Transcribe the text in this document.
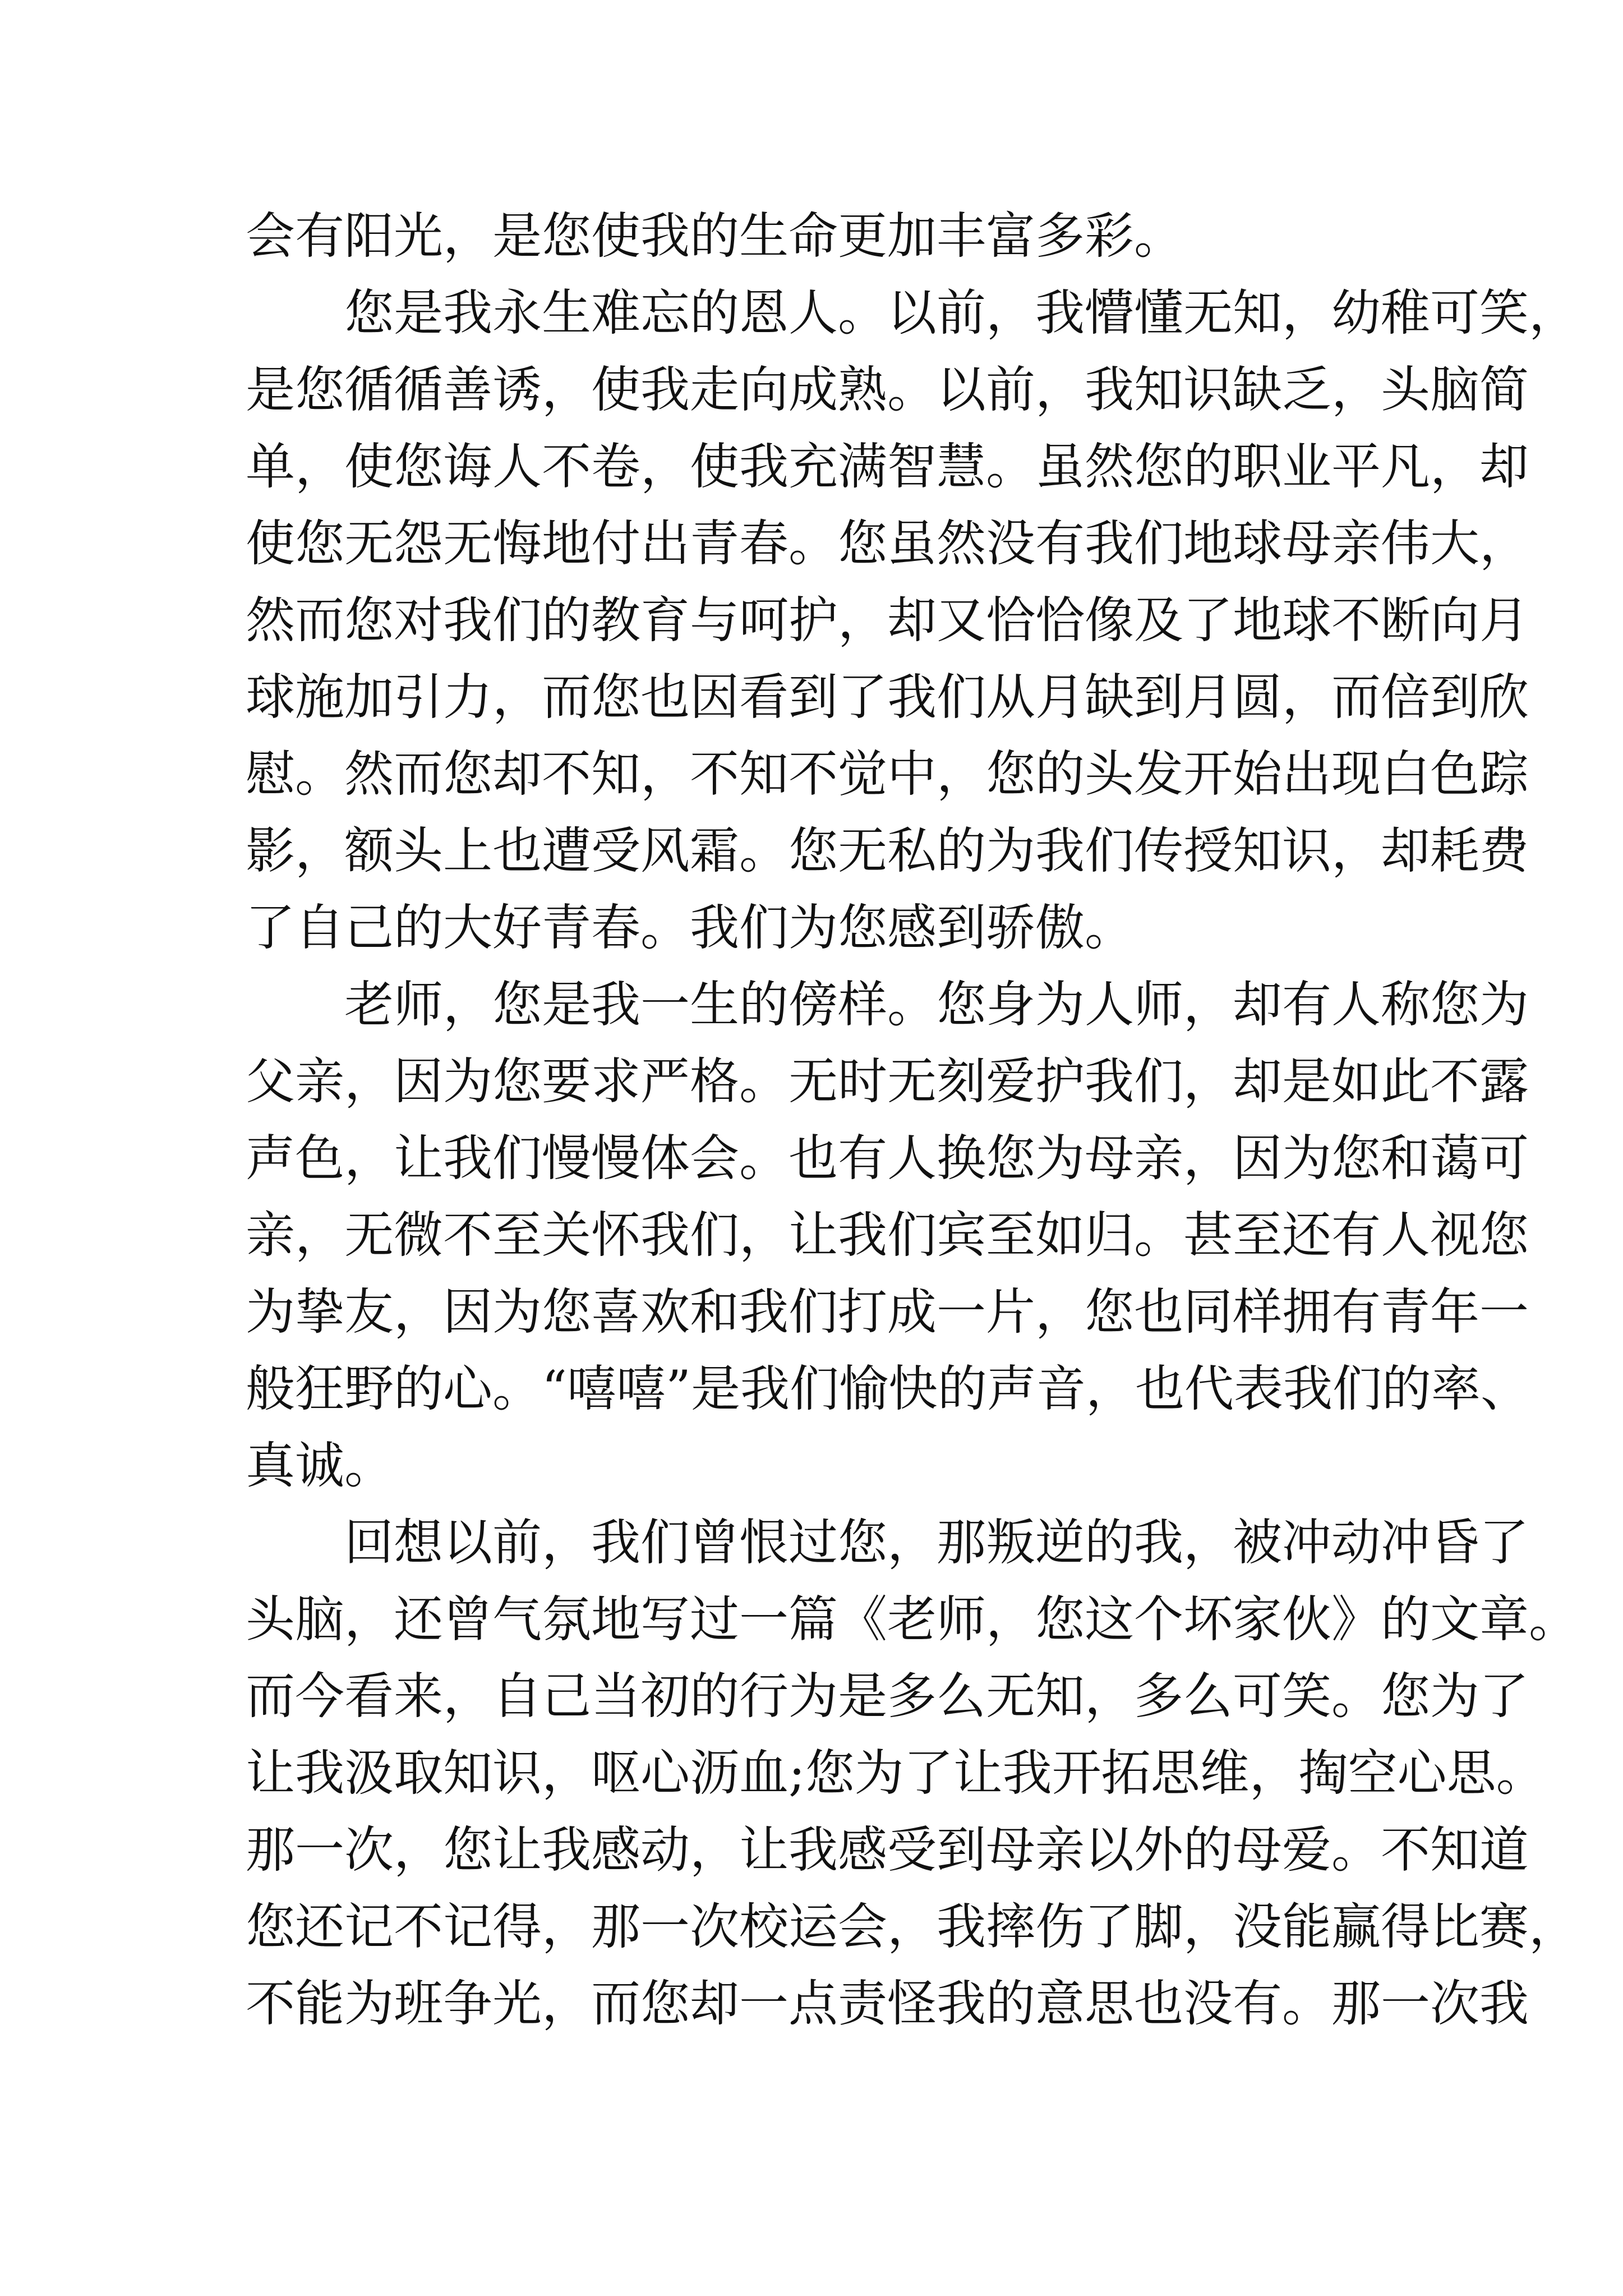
会有阳光，是您使我的生命更加丰富多彩。
您是我永生难忘的恩人。以前，我懵懂无知，幼稚可笑，
是您循循善诱，使我走向成熟。以前，我知识缺乏，头脑简
单，使您诲人不卷，使我充满智慧。虽然您的职业平凡，却
使您无怨无悔地付出青春。您虽然没有我们地球母亲伟大，
然而您对我们的教育与呵护，却又恰恰像及了地球不断向月
球施加引力，而您也因看到了我们从月缺到月圆，而倍到欣
慰。然而您却不知，不知不觉中，您的头发开始出现白色踪
影，额头上也遭受风霜。您无私的为我们传授知识，却耗费
了自己的大好青春。我们为您感到骄傲。
老师，您是我一生的傍样。您身为人师，却有人称您为
父亲，因为您要求严格。无时无刻爱护我们，却是如此不露
声色，让我们慢慢体会。也有人换您为母亲，因为您和蔼可
亲，无微不至关怀我们，让我们宾至如归。甚至还有人视您
为挚友，因为您喜欢和我们打成一片，您也同样拥有青年一
般狂野的心。“嘻嘻”是我们愉快的声音，也代表我们的率、
真诚。
回想以前，我们曾恨过您，那叛逆的我，被冲动冲昏了
头脑，还曾气氛地写过一篇《老师，您这个坏家伙》的文章。
而今看来，自己当初的行为是多么无知，多么可笑。您为了
让我汲取知识，呕心沥血;您为了让我开拓思维，掏空心思。
那一次，您让我感动，让我感受到母亲以外的母爱。不知道
您还记不记得，那一次校运会，我摔伤了脚，没能赢得比赛，
不能为班争光，而您却一点责怪我的意思也没有。那一次我
